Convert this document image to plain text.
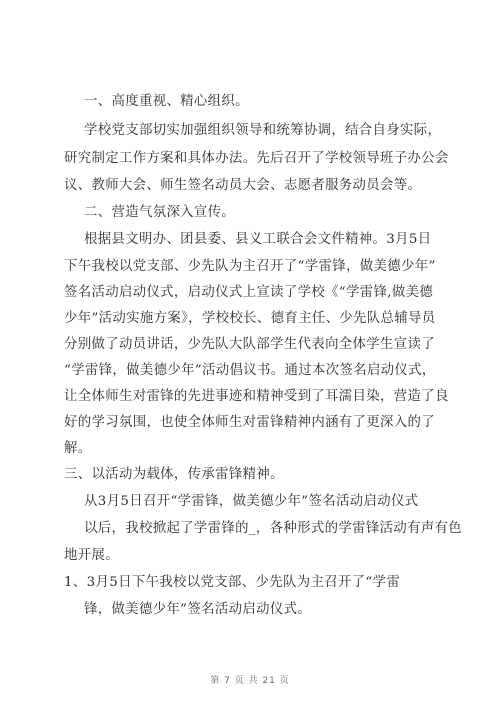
一、高度重视、精心组织。
学校党支部切实加强组织领导和统筹协调，结合自身实际，
研究制定工作方案和具体办法。先后召开了学校领导班子办公会
议、教师大会、师生签名动员大会、志愿者服务动员会等。
二、营造气氛深入宣传。
根据县文明办、团县委、县义工联合会文件精神。3月5日
下午我校以党支部、少先队为主召开了“学雷锋，做美德少年”
签名活动启动仪式，启动仪式上宣读了学校《“学雷锋,做美德
少年”活动实施方案》，学校校长、德育主任、少先队总辅导员
分别做了动员讲话，少先队大队部学生代表向全体学生宣读了
“学雷锋，做美德少年”活动倡议书。通过本次签名启动仪式，
让全体师生对雷锋的先进事迹和精神受到了耳濡目染，营造了良
好的学习氛围，也使全体师生对雷锋精神内涵有了更深入的了
解。
三、以活动为载体，传承雷锋精神。
从3月5日召开“学雷锋，做美德少年”签名活动启动仪式
以后，我校掀起了学雷锋的_，各种形式的学雷锋活动有声有色
地开展。
1、3月5日下午我校以党支部、少先队为主召开了“学雷
锋，做美德少年”签名活动启动仪式。
第 7 页 共 21 页
